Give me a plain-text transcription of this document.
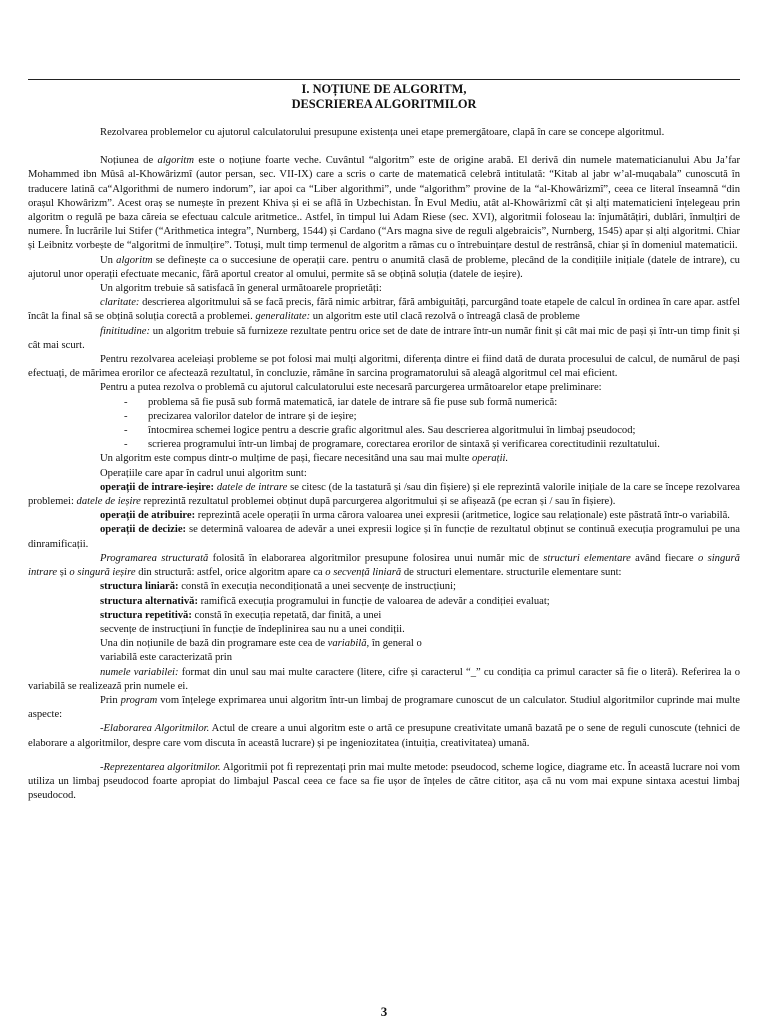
I. NOȚIUNE DE ALGORITM,
DESCRIEREA ALGORITMILOR

Rezolvarea problemelor cu ajutorul calculatorului presupune existența unei etape premergătoare, clapă în care se concepe algoritmul.

Noțiunea de algoritm este o noțiune foarte veche. Cuvântul “algoritm” este de origine arabă. El derivă din numele matematicianului Abu Ja’far Mohammed ibn Mûsâ al-Khowârizmî (autor persan, sec. VII-IX) care a scris o carte de matematică celebră intitulată: “Kitab al jabr w’al-muqabala” cunoscută în traducere latină ca“Algorithmi de numero indorum”, iar apoi ca “Liber algorithmi”, unde “algorithm” provine de la “al-Khowârizmî”, ceea ce literal înseamnă “din orașul Khowârizm”. Acest oraș se numește în prezent Khiva și ei se află în Uzbechistan. În Evul Mediu, atât al-Khowârizmî cât și alți matematicieni înțelegeau prin algoritm o regulă pe baza căreia se efectuau calcule aritmetice.. Astfel, în timpul lui Adam Riese (sec. XVI), algoritmii foloseau la: înjumătățiri, dublări, înmulțiri de numere. În lucrările lui Stifer (“Arithmetica integra”, Nurnberg, 1544) și Cardano (“Ars magna sive de reguli algebraicis”, Nurnberg, 1545) apar și alți algoritmi. Chiar și Leibnitz vorbește de “algoritmi de înmulțire”. Totuși, mult timp termenul de algoritm a rămas cu o întrebuințare destul de restrânsă, chiar și în domeniul matematicii.

Un algoritm se definește ca o succesiune de operații care. pentru o anumită clasă de probleme, plecând de la condițiile inițiale (datele de intrare), cu ajutorul unor operații efectuate mecanic, fără aportul creator al omului, permite să se obțină soluția (datele de ieșire).

Un algoritm trebuie să satisfacă în general următoarele proprietăți:

claritate: descrierea algoritmului să se facă precis, fără nimic arbitrar, fără ambiguități, parcurgând toate etapele de calcul în ordinea în care apar. astfel încât la final să se obțină soluția corectă a problemei. generalitate: un algoritm este util clacă rezolvă o întreagă clasă de probleme

finititudine: un algoritm trebuie să furnizeze rezultate pentru orice set de date de intrare într-un număr finit și cât mai mic de pași și într-un timp finit și cât mai scurt.

Pentru rezolvarea aceleiași probleme se pot folosi mai mulți algoritmi, diferența dintre ei fiind dată de durata procesului de calcul, de numărul de pași efectuați, de mărimea erorilor ce afectează rezultatul, în concluzie, rămâne în sarcina programatorului să aleagă algoritmul cel mai eficient.

Pentru a putea rezolva o problemă cu ajutorul calculatorului este necesară parcurgerea următoarelor etape preliminare:

- problema să fie pusă sub formă matematică, iar datele de intrare să fie puse sub formă numerică:
- precizarea valorilor datelor de intrare și de ieșire;
- întocmirea schemei logice pentru a descrie grafic algoritmul ales. Sau descrierea algoritmului în limbaj pseudocod;
- scrierea programului într-un limbaj de programare, corectarea erorilor de sintaxă și verificarea corectitudinii rezultatului.

Un algoritm este compus dintr-o mulțime de pași, fiecare necesitând una sau mai multe operații.

Operațiile care apar în cadrul unui algoritm sunt:

operații de intrare-ieșire: datele de intrare se citesc (de la tastatură și /sau din fișiere) și ele reprezintă valorile inițiale de la care se începe rezolvarea problemei: datele de ieșire reprezintă rezultatul problemei obținut după parcurgerea algoritmului și se afișează (pe ecran și / sau în fișiere).

operații de atribuire: reprezintă acele operații în urma cărora valoarea unei expresii (aritmetice, logice sau relaționale) este păstrată într-o variabilă.

operații de decizie: se determină valoarea de adevăr a unei expresii logice și în funcție de rezultatul obținut se continuă execuția programului pe una dinramificații.

Programarea structurată folosită în elaborarea algoritmilor presupune folosirea unui număr mic de structuri elementare având fiecare o singură intrare și o singură ieșire din structură: astfel, orice algoritm apare ca o secvență liniară de structuri elementare. structurile elementare sunt:

structura liniară: constă în execuția necondiționată a unei secvențe de instrucțiuni;

structura alternativă: ramifică execuția programului in funcție de valoarea de adevăr a condiției evaluat;

structura repetitivă: constă în execuția repetată, dar finită, a unei

secvențe de instrucțiuni în funcție de îndeplinirea sau nu a unei condiții.

Una din noțiunile de bază din programare este cea de variabilă, în general o

variabilă este caracterizată prin

numele variabilei: format din unul sau mai multe caractere (litere, cifre și caracterul “_” cu condiția ca primul caracter să fie o literă). Referirea la o variabilă se realizează prin numele ei.

Prin program vom înțelege exprimarea unui algoritm într-un limbaj de programare cunoscut de un calculator. Studiul algoritmilor cuprinde mai multe aspecte:

-Elaborarea Algoritmilor. Actul de creare a unui algoritm este o artă ce presupune creativitate umană bazată pe o sene de reguli cunoscute (tehnici de elaborare a algoritmilor, despre care vom discuta în această lucrare) și pe ingeniozitatea (intuiția, creativitatea) umană.

-Reprezentarea algoritmilor. Algoritmii pot fi reprezentați prin mai multe metode: pseudocod, scheme logice, diagrame etc. În această lucrare noi vom utiliza un limbaj pseudocod foarte apropiat do limbajul Pascal ceea ce face sa fie ușor de înțeles de către cititor, așa că nu vom mai expune sintaxa acestui limbaj pseudocod.

3
